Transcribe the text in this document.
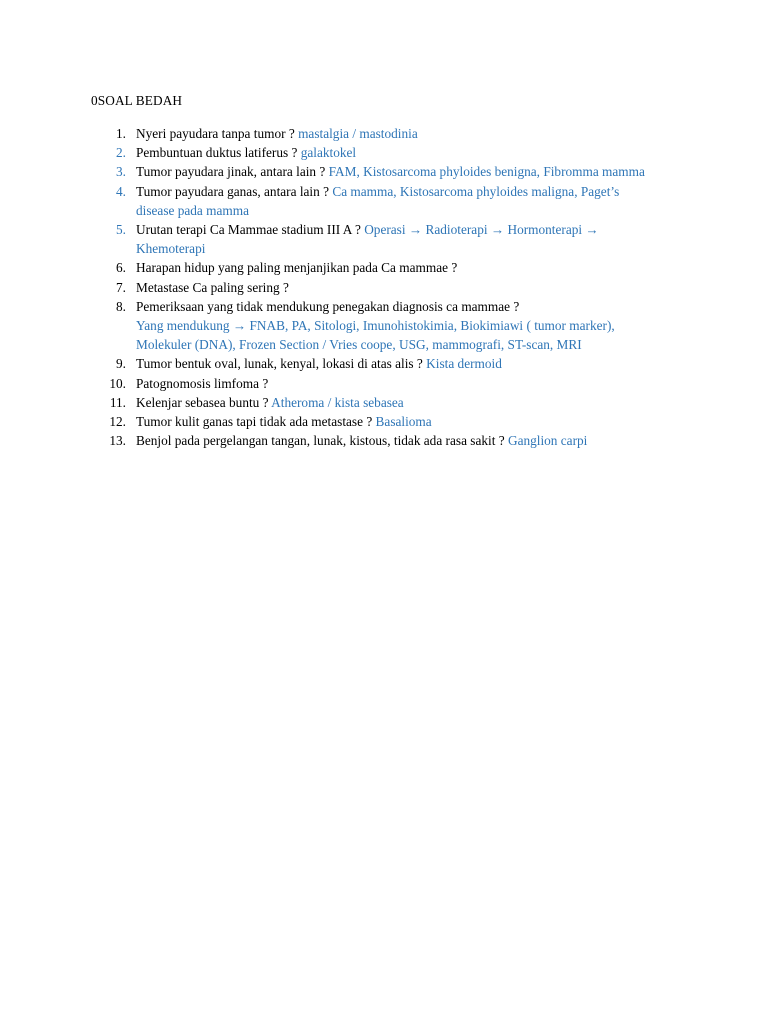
0SOAL BEDAH
1. Nyeri payudara tanpa tumor ? mastalgia / mastodinia
2. Pembuntuan duktus latiferus ? galaktokel
3. Tumor payudara jinak, antara lain ? FAM, Kistosarcoma phyloides benigna, Fibromma mamma
4. Tumor payudara ganas, antara lain ? Ca mamma, Kistosarcoma phyloides maligna, Paget’s disease pada mamma
5. Urutan terapi Ca Mammae stadium III A ? Operasi → Radioterapi → Hormonterapi → Khemoterapi
6. Harapan hidup yang paling menjanjikan pada Ca mammae ?
7. Metastase Ca paling sering ?
8. Pemeriksaan yang tidak mendukung penegakan diagnosis ca mammae ?
Yang mendukung → FNAB, PA, Sitologi, Imunohistokimia, Biokimiawi ( tumor marker), Molekuler (DNA), Frozen Section / Vries coope, USG, mammografi, ST-scan, MRI
9. Tumor bentuk oval, lunak, kenyal, lokasi di atas alis ? Kista dermoid
10. Patognomosis limfoma ?
11. Kelenjar sebasea buntu ? Atheroma / kista sebasea
12. Tumor kulit ganas tapi tidak ada metastase ? Basalioma
13. Benjol pada pergelangan tangan, lunak, kistous, tidak ada rasa sakit ? Ganglion carpi
